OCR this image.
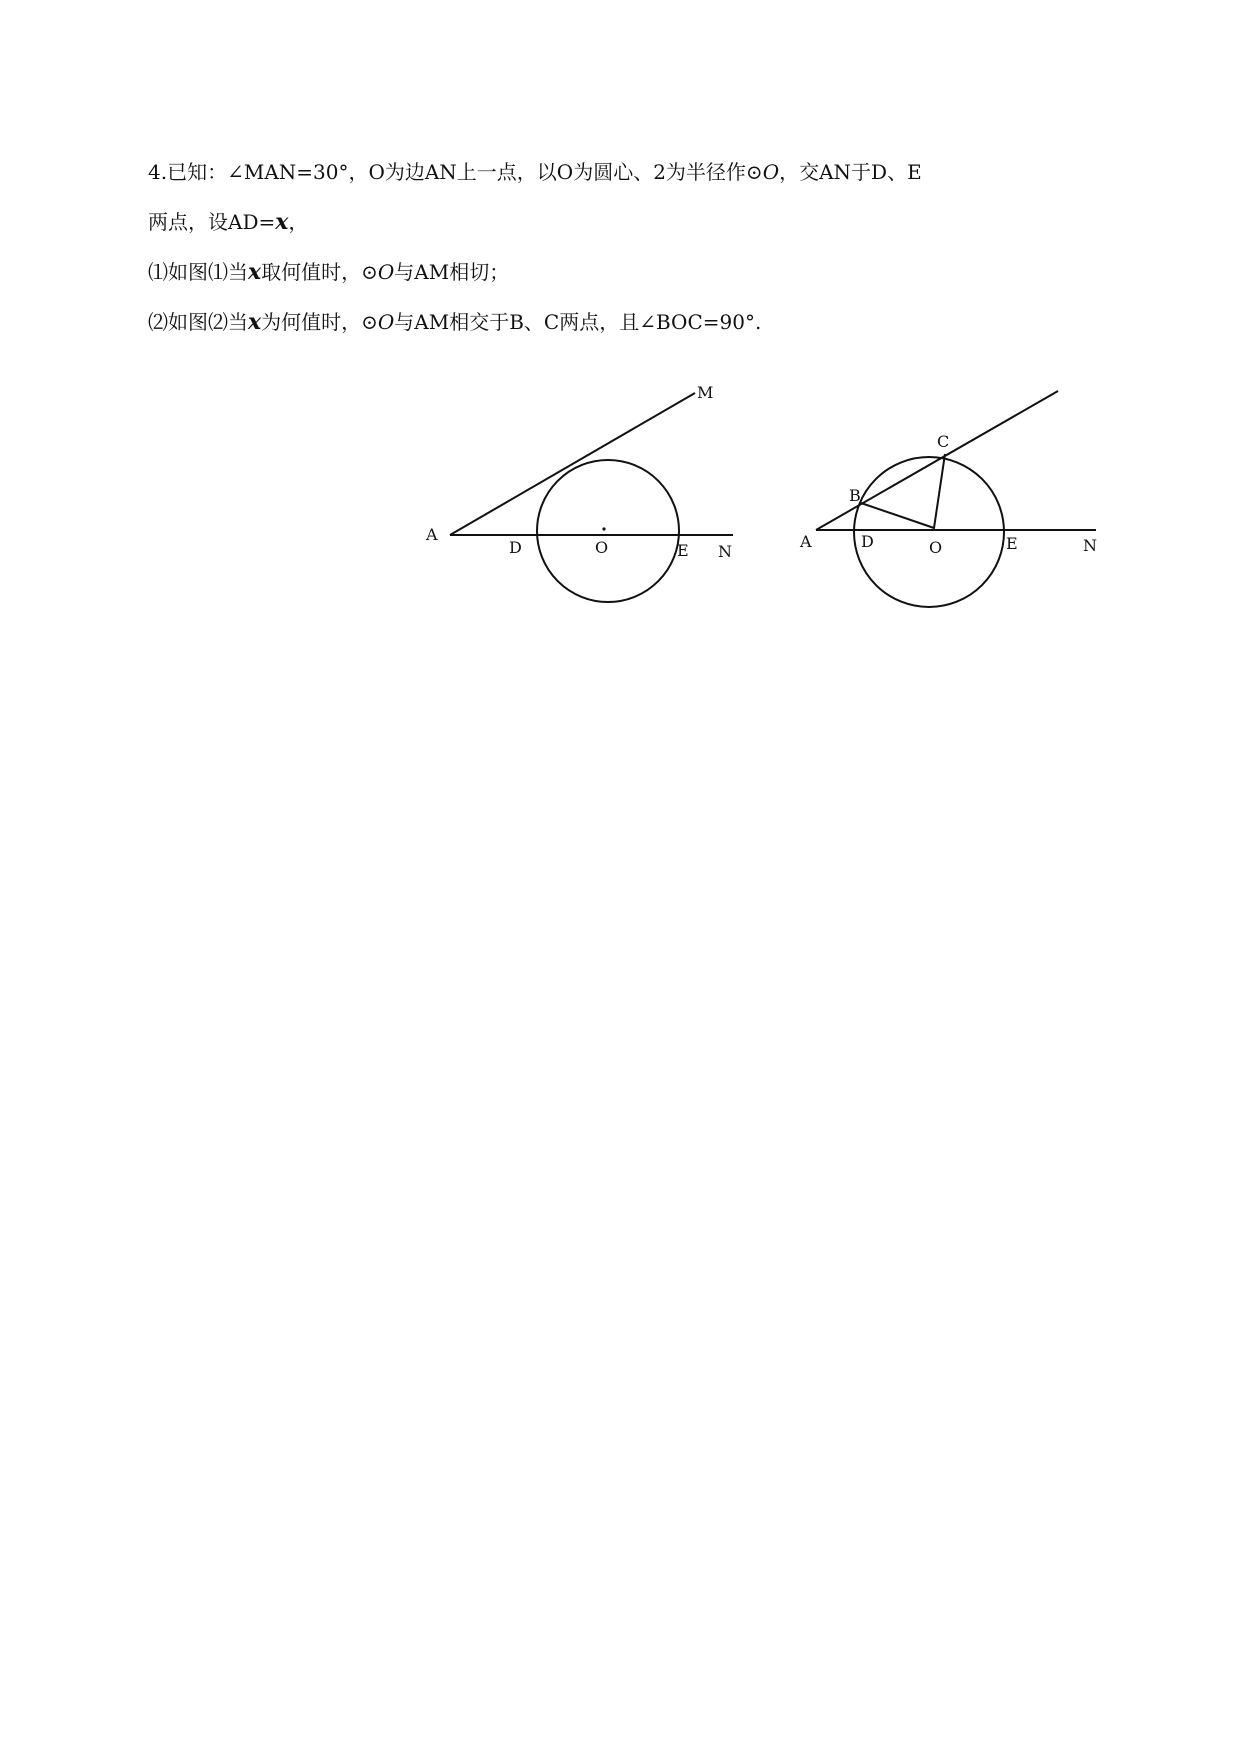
4.已知：∠MAN=30°，O为边AN上一点，以O为圆心、2为半径作⊙O，交AN于D、E
两点，设AD=x，
⑴如图⑴当x取何值时，⊙O与AM相切；
⑵如图⑵当x为何值时，⊙O与AM相交于B、C两点，且∠BOC=90°.
A
D	O	E N
M
A
B
C
D	O	E	N
